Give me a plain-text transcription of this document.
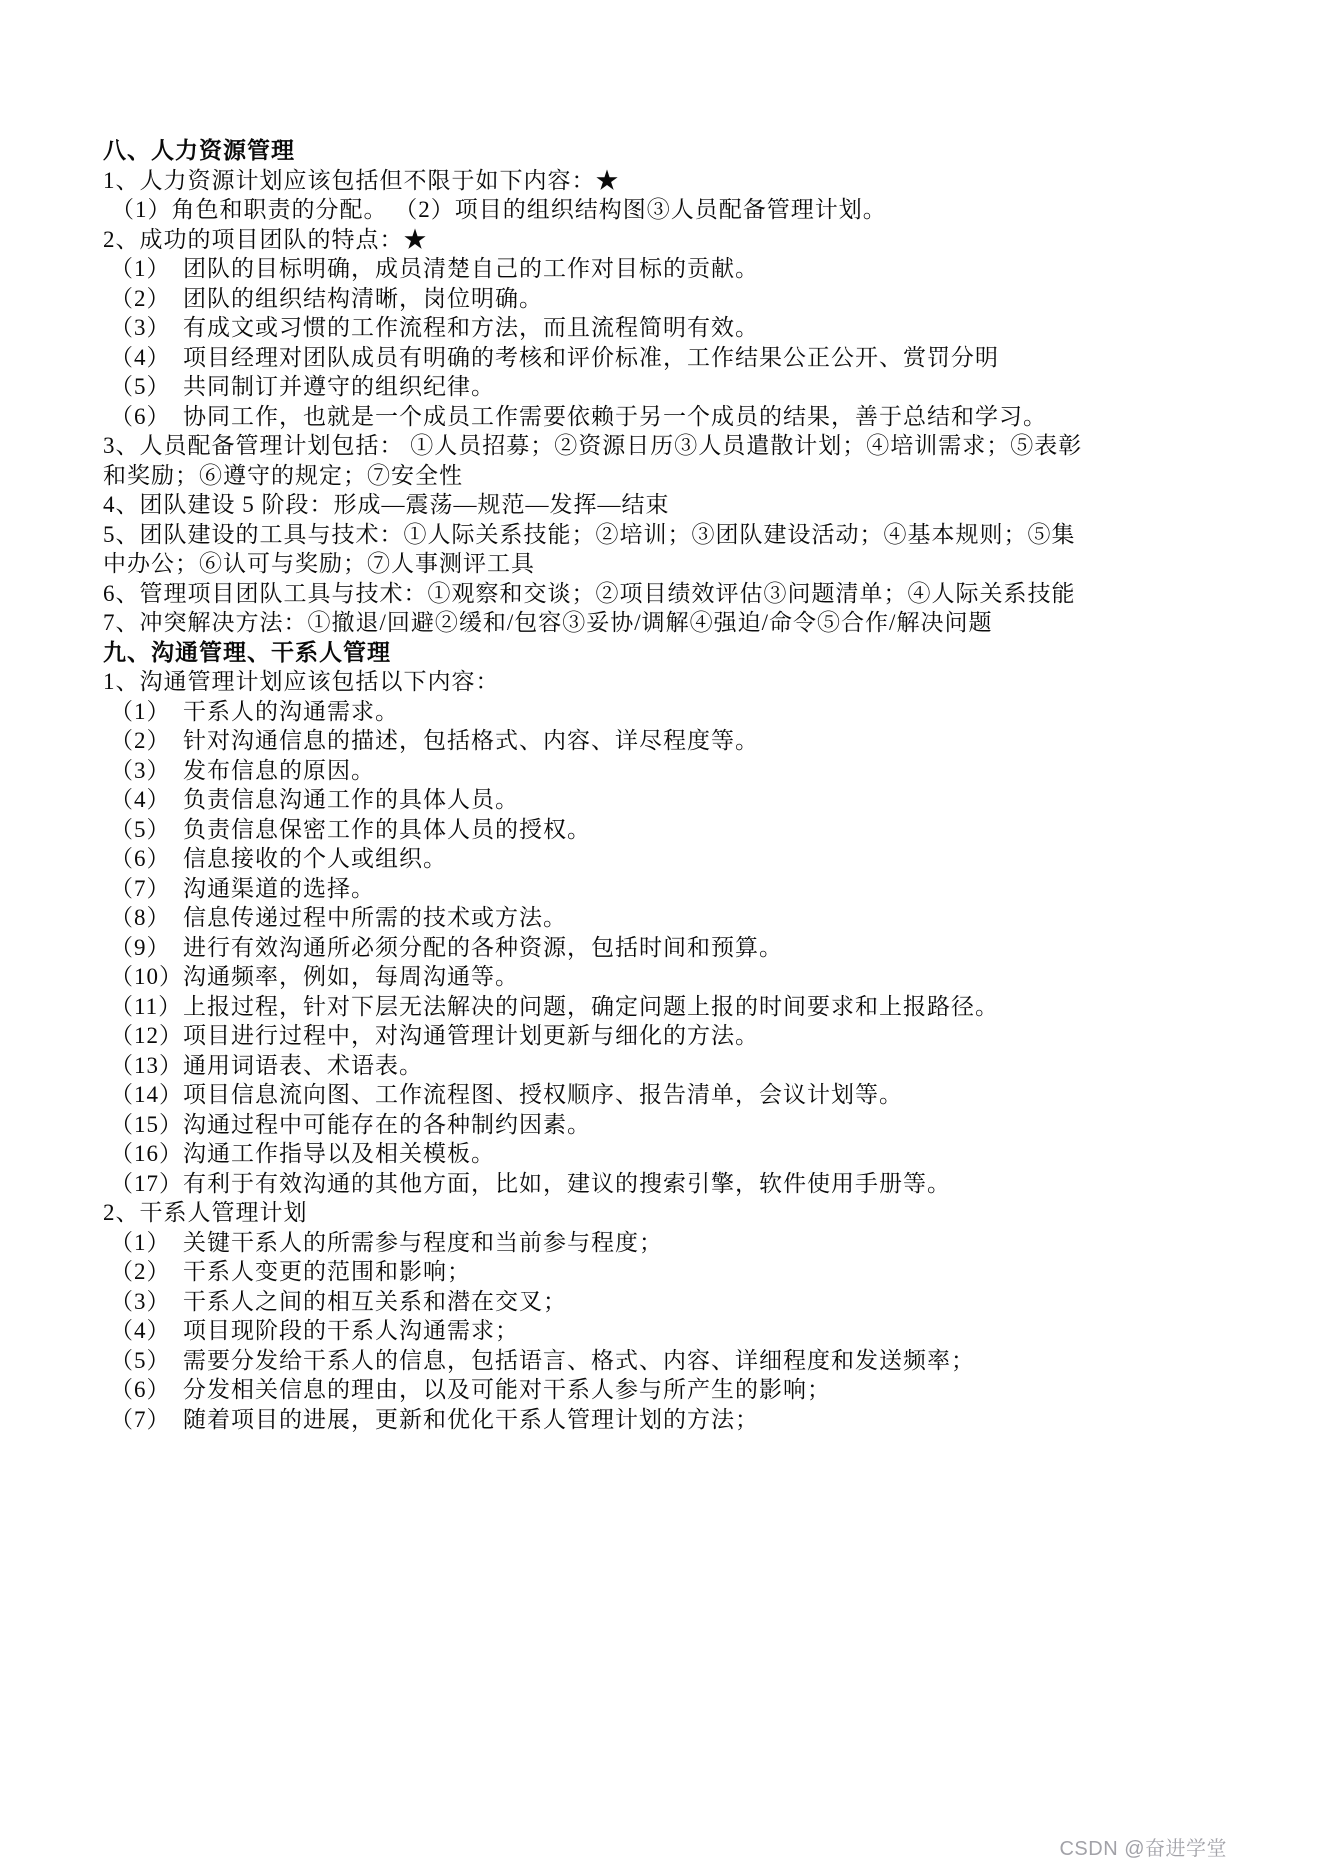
八、人力资源管理
1、人力资源计划应该包括但不限于如下内容：★
（1）角色和职责的分配。 （2）项目的组织结构图③人员配备管理计划。
2、成功的项目团队的特点：★
（1） 团队的目标明确，成员清楚自己的工作对目标的贡献。
（2） 团队的组织结构清晰，岗位明确。
（3） 有成文或习惯的工作流程和方法，而且流程简明有效。
（4） 项目经理对团队成员有明确的考核和评价标准，工作结果公正公开、赏罚分明
（5） 共同制订并遵守的组织纪律。
（6） 协同工作，也就是一个成员工作需要依赖于另一个成员的结果，善于总结和学习。
3、人员配备管理计划包括： ①人员招募；②资源日历③人员遣散计划；④培训需求；⑤表彰
和奖励；⑥遵守的规定；⑦安全性
4、团队建设 5 阶段：形成—震荡—规范—发挥—结束
5、团队建设的工具与技术：①人际关系技能；②培训；③团队建设活动；④基本规则；⑤集
中办公；⑥认可与奖励；⑦人事测评工具
6、管理项目团队工具与技术：①观察和交谈；②项目绩效评估③问题清单；④人际关系技能
7、冲突解决方法：①撤退/回避②缓和/包容③妥协/调解④强迫/命令⑤合作/解决问题
九、沟通管理、干系人管理
1、沟通管理计划应该包括以下内容：
（1） 干系人的沟通需求。
（2） 针对沟通信息的描述，包括格式、内容、详尽程度等。
（3） 发布信息的原因。
（4） 负责信息沟通工作的具体人员。
（5） 负责信息保密工作的具体人员的授权。
（6） 信息接收的个人或组织。
（7） 沟通渠道的选择。
（8） 信息传递过程中所需的技术或方法。
（9） 进行有效沟通所必须分配的各种资源，包括时间和预算。
（10） 沟通频率，例如，每周沟通等。
（11） 上报过程，针对下层无法解决的问题，确定问题上报的时间要求和上报路径。
（12） 项目进行过程中，对沟通管理计划更新与细化的方法。
（13） 通用词语表、术语表。
（14） 项目信息流向图、工作流程图、授权顺序、报告清单，会议计划等。
（15） 沟通过程中可能存在的各种制约因素。
（16） 沟通工作指导以及相关模板。
（17） 有利于有效沟通的其他方面，比如，建议的搜索引擎，软件使用手册等。
2、干系人管理计划
（1） 关键干系人的所需参与程度和当前参与程度；
（2） 干系人变更的范围和影响；
（3） 干系人之间的相互关系和潜在交叉；
（4） 项目现阶段的干系人沟通需求；
（5） 需要分发给干系人的信息，包括语言、格式、内容、详细程度和发送频率；
（6） 分发相关信息的理由，以及可能对干系人参与所产生的影响；
（7） 随着项目的进展，更新和优化干系人管理计划的方法；
CSDN @奋进学堂
